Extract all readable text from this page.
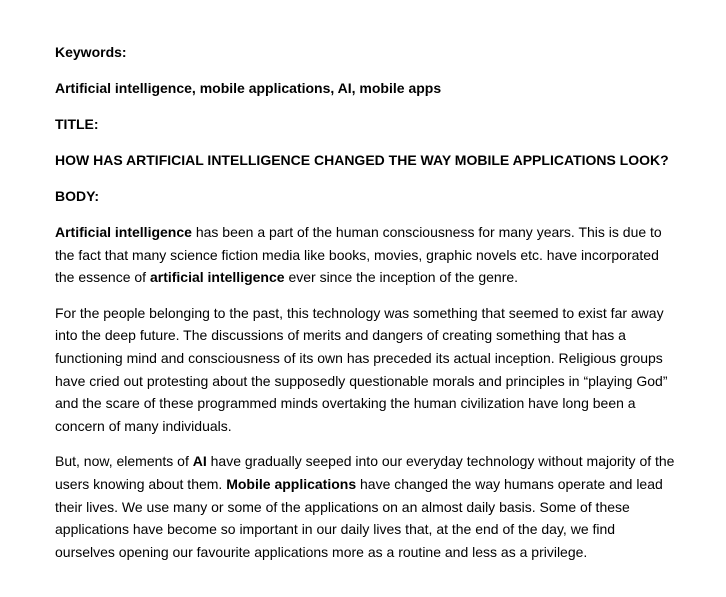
Keywords:
Artificial intelligence, mobile applications, AI, mobile apps
TITLE:
HOW HAS ARTIFICIAL INTELLIGENCE CHANGED THE WAY MOBILE APPLICATIONS LOOK?
BODY:

Artificial intelligence has been a part of the human consciousness for many years. This is due to the fact that many science fiction media like books, movies, graphic novels etc. have incorporated the essence of artificial intelligence ever since the inception of the genre.

For the people belonging to the past, this technology was something that seemed to exist far away into the deep future. The discussions of merits and dangers of creating something that has a functioning mind and consciousness of its own has preceded its actual inception. Religious groups have cried out protesting about the supposedly questionable morals and principles in “playing God” and the scare of these programmed minds overtaking the human civilization have long been a concern of many individuals.

But, now, elements of AI have gradually seeped into our everyday technology without majority of the users knowing about them. Mobile applications have changed the way humans operate and lead their lives. We use many or some of the applications on an almost daily basis. Some of these applications have become so important in our daily lives that, at the end of the day, we find ourselves opening our favourite applications more as a routine and less as a privilege.
